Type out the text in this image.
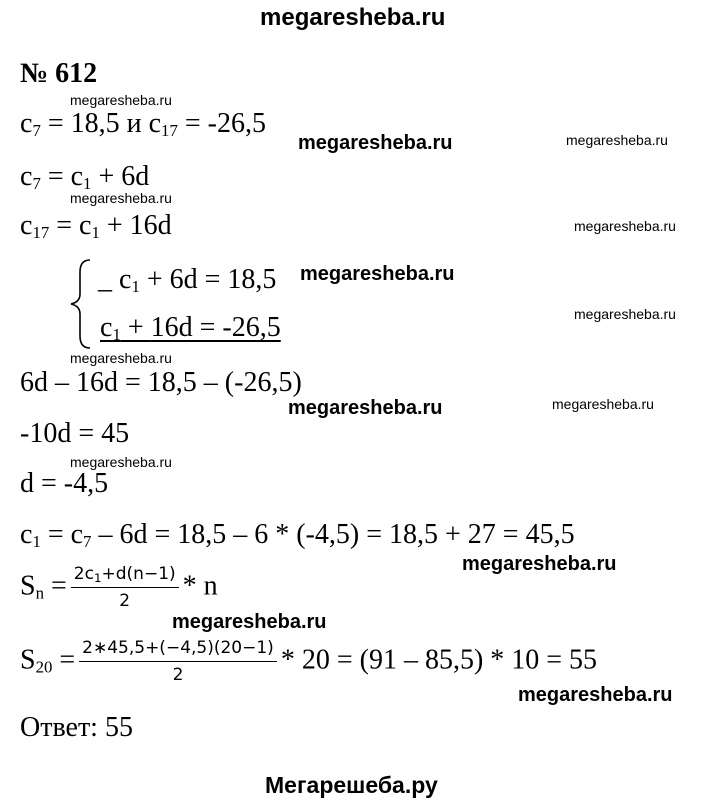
megaresheba.ru
№ 612
megaresheba.ru
megaresheba.ru	megaresheba.ru
megaresheba.ru
megaresheba.ru
megaresheba.ru
megaresheba.ru
megaresheba.ru
megaresheba.ru	megaresheba.ru
megaresheba.ru
megaresheba.ru
megaresheba.ru
megaresheba.ru
$c_7 = 18,5$ и $c_{17} = -26,5$
$c_7 = c_1 + 6d$
$c_{17} = c_1 + 16d$
_ $c_1 + 6d = 18,5$
$c_1 + 16d = -26,5$
6d – 16d = 18,5 – (-26,5)
-10d = 45
d = -4,5
$c_1 = c_7 - 6d = 18,5 - 6 * (-4,5) = 18,5 + 27 = 45,5$
$S_n = \frac{2c_1+d(n-1)}{2} * n$
$S_{20} = \frac{2∗45,5+(-4,5)(20-1)}{2} * 20 = (91 - 85,5) * 10 = 55$
Ответ: 55
Мегарешеба.ру
